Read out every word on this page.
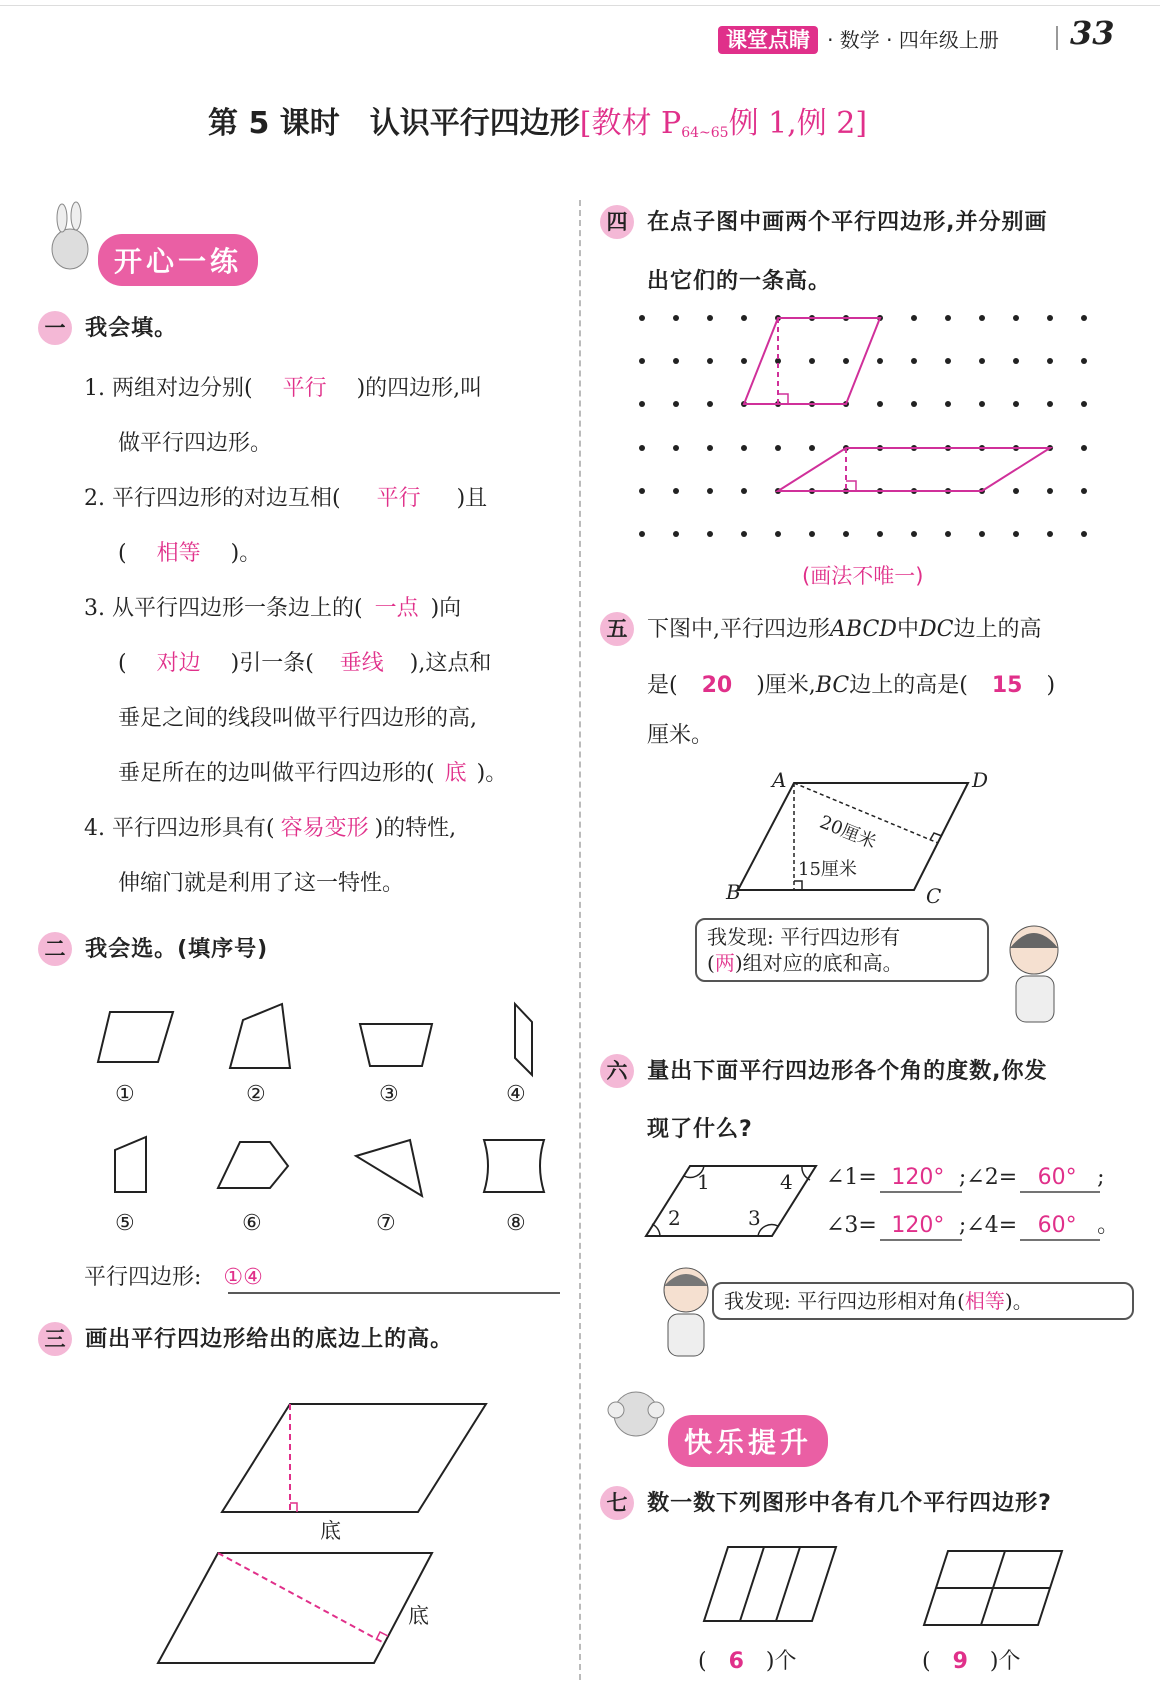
课堂点睛 · 数学 · 四年级上册 33
第 5 课时　认识平行四边形[教材 $P_{64\sim 65}$例 1,例 2]
开心一练
一 我会填。
1. 两组对边分别( 平行 )的四边形,叫
做平行四边形。
2. 平行四边形的对边互相( 平行 )且
( 相等 )。
3. 从平行四边形一条边上的( 一点 )向
( 对边 )引一条( 垂线 ),这点和
垂足之间的线段叫做平行四边形的高,
垂足所在的边叫做平行四边形的( 底 )。
4. 平行四边形具有( 容易变形 )的特性,
伸缩门就是利用了这一特性。
二 我会选。(填序号)
①	②	③	④
⑤	⑥	⑦	⑧
平行四边形: ①④
三 画出平行四边形给出的底边上的高。
底
底
四 在点子图中画两个平行四边形,并分别画
出它们的一条高。
(画法不唯一)
五 下图中,平行四边形ABCD中DC边上的高
是( 20 )厘米,BC边上的高是( 15 )
厘米。
A	D
B	C
20厘米
15厘米
我发现: 平行四边形有
(两)组对应的底和高。
六 量出下面平行四边形各个角的度数,你发
现了什么?
1	4
2	3
∠1= 120° ;∠2= 60° ;
∠3= 120° ;∠4= 60° 。
我发现: 平行四边形相对角(相等)。
快乐提升
七 数一数下列图形中各有几个平行四边形?
( 6 )个	( 9 )个
